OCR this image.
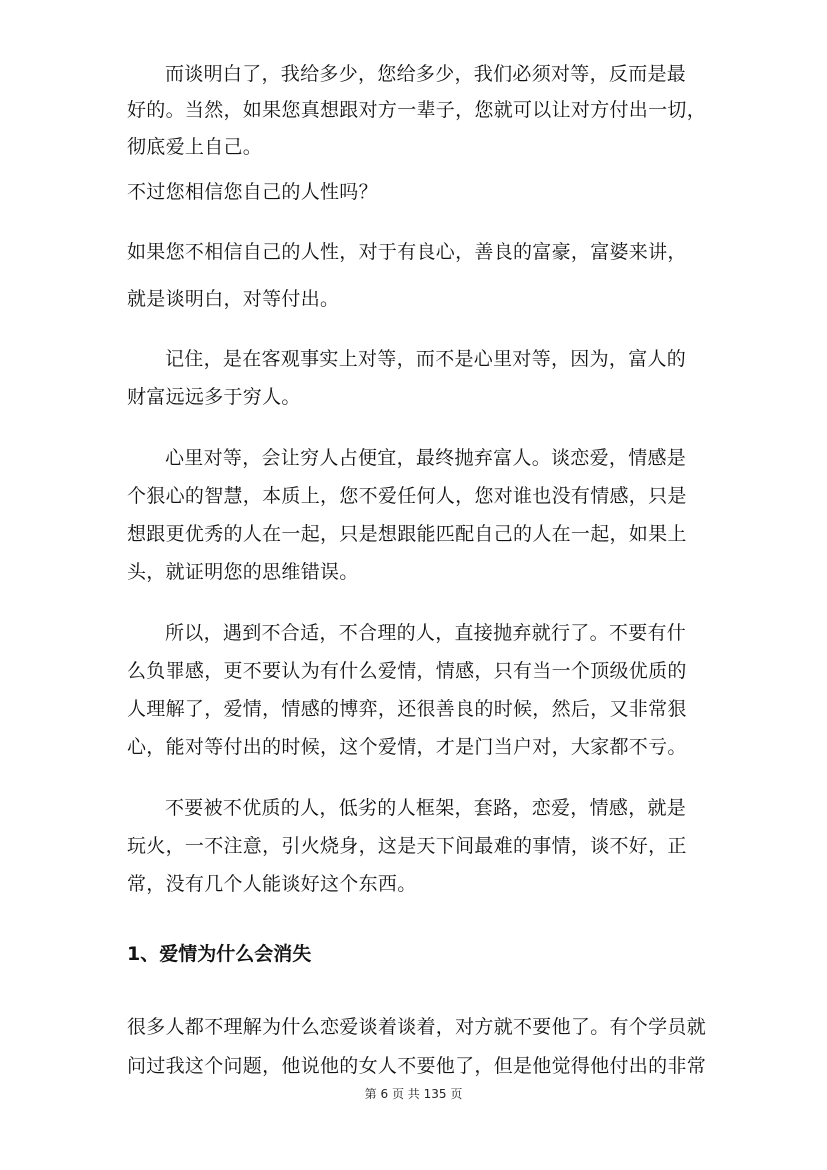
而谈明白了，我给多少，您给多少，我们必须对等，反而是最
好的。当然，如果您真想跟对方一辈子，您就可以让对方付出一切，
彻底爱上自己。
不过您相信您自己的人性吗？
如果您不相信自己的人性，对于有良心，善良的富豪，富婆来讲，
就是谈明白，对等付出。
记住，是在客观事实上对等，而不是心里对等，因为，富人的
财富远远多于穷人。
心里对等，会让穷人占便宜，最终抛弃富人。谈恋爱，情感是
个狠心的智慧，本质上，您不爱任何人，您对谁也没有情感，只是
想跟更优秀的人在一起，只是想跟能匹配自己的人在一起，如果上
头，就证明您的思维错误。
所以，遇到不合适，不合理的人，直接抛弃就行了。不要有什
么负罪感，更不要认为有什么爱情，情感，只有当一个顶级优质的
人理解了，爱情，情感的博弈，还很善良的时候，然后，又非常狠
心，能对等付出的时候，这个爱情，才是门当户对，大家都不亏。
不要被不优质的人，低劣的人框架，套路，恋爱，情感，就是
玩火，一不注意，引火烧身，这是天下间最难的事情，谈不好，正
常，没有几个人能谈好这个东西。
1、爱情为什么会消失
很多人都不理解为什么恋爱谈着谈着，对方就不要他了。有个学员就
问过我这个问题，他说他的女人不要他了，但是他觉得他付出的非常
第 6 页 共 135 页
